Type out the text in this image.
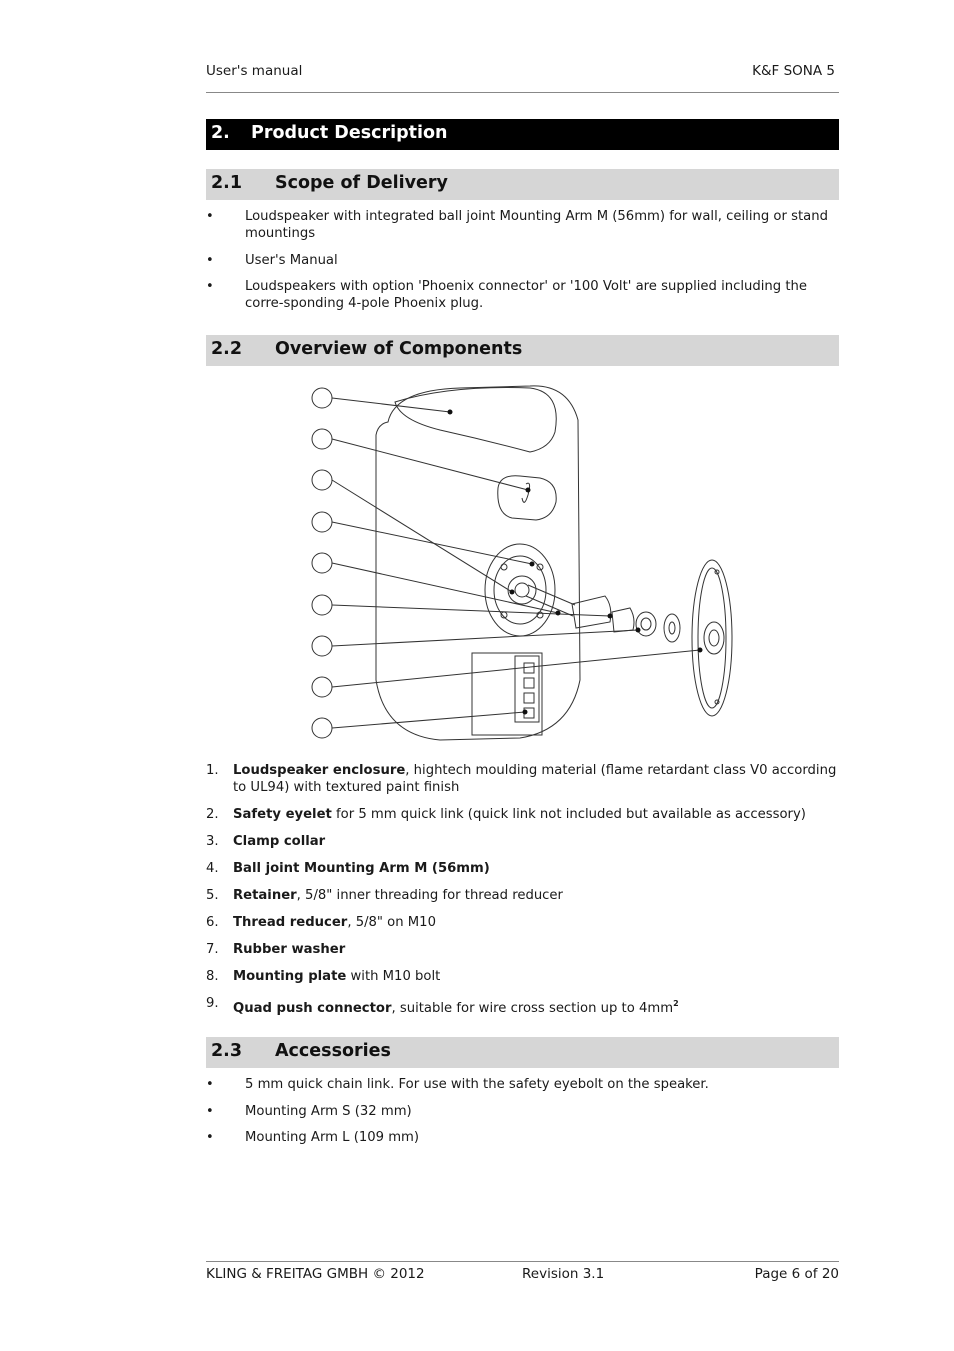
User's manual	K&F SONA 5
2. Product Description
2.1 Scope of Delivery
• Loudspeaker with integrated ball joint Mounting Arm M (56mm) for wall, ceiling or stand mountings
• User's Manual
• Loudspeakers with option 'Phoenix connector' or '100 Volt' are supplied including the corre-sponding 4-pole Phoenix plug.
2.2 Overview of Components
1. Loudspeaker enclosure, hightech moulding material (flame retardant class V0 according to UL94) with textured paint finish
2. Safety eyelet for 5 mm quick link (quick link not included but available as accessory)
3. Clamp collar
4. Ball joint Mounting Arm M (56mm)
5. Retainer, 5/8" inner threading for thread reducer
6. Thread reducer, 5/8" on M10
7. Rubber washer
8. Mounting plate with M10 bolt
9. Quad push connector, suitable for wire cross section up to $4mm^2$
2.3 Accessories
• 5 mm quick chain link. For use with the safety eyebolt on the speaker.
• Mounting Arm S (32 mm)
• Mounting Arm L (109 mm)
KLING & FREITAG GMBH © 2012	Revision 3.1	Page 6 of 20
